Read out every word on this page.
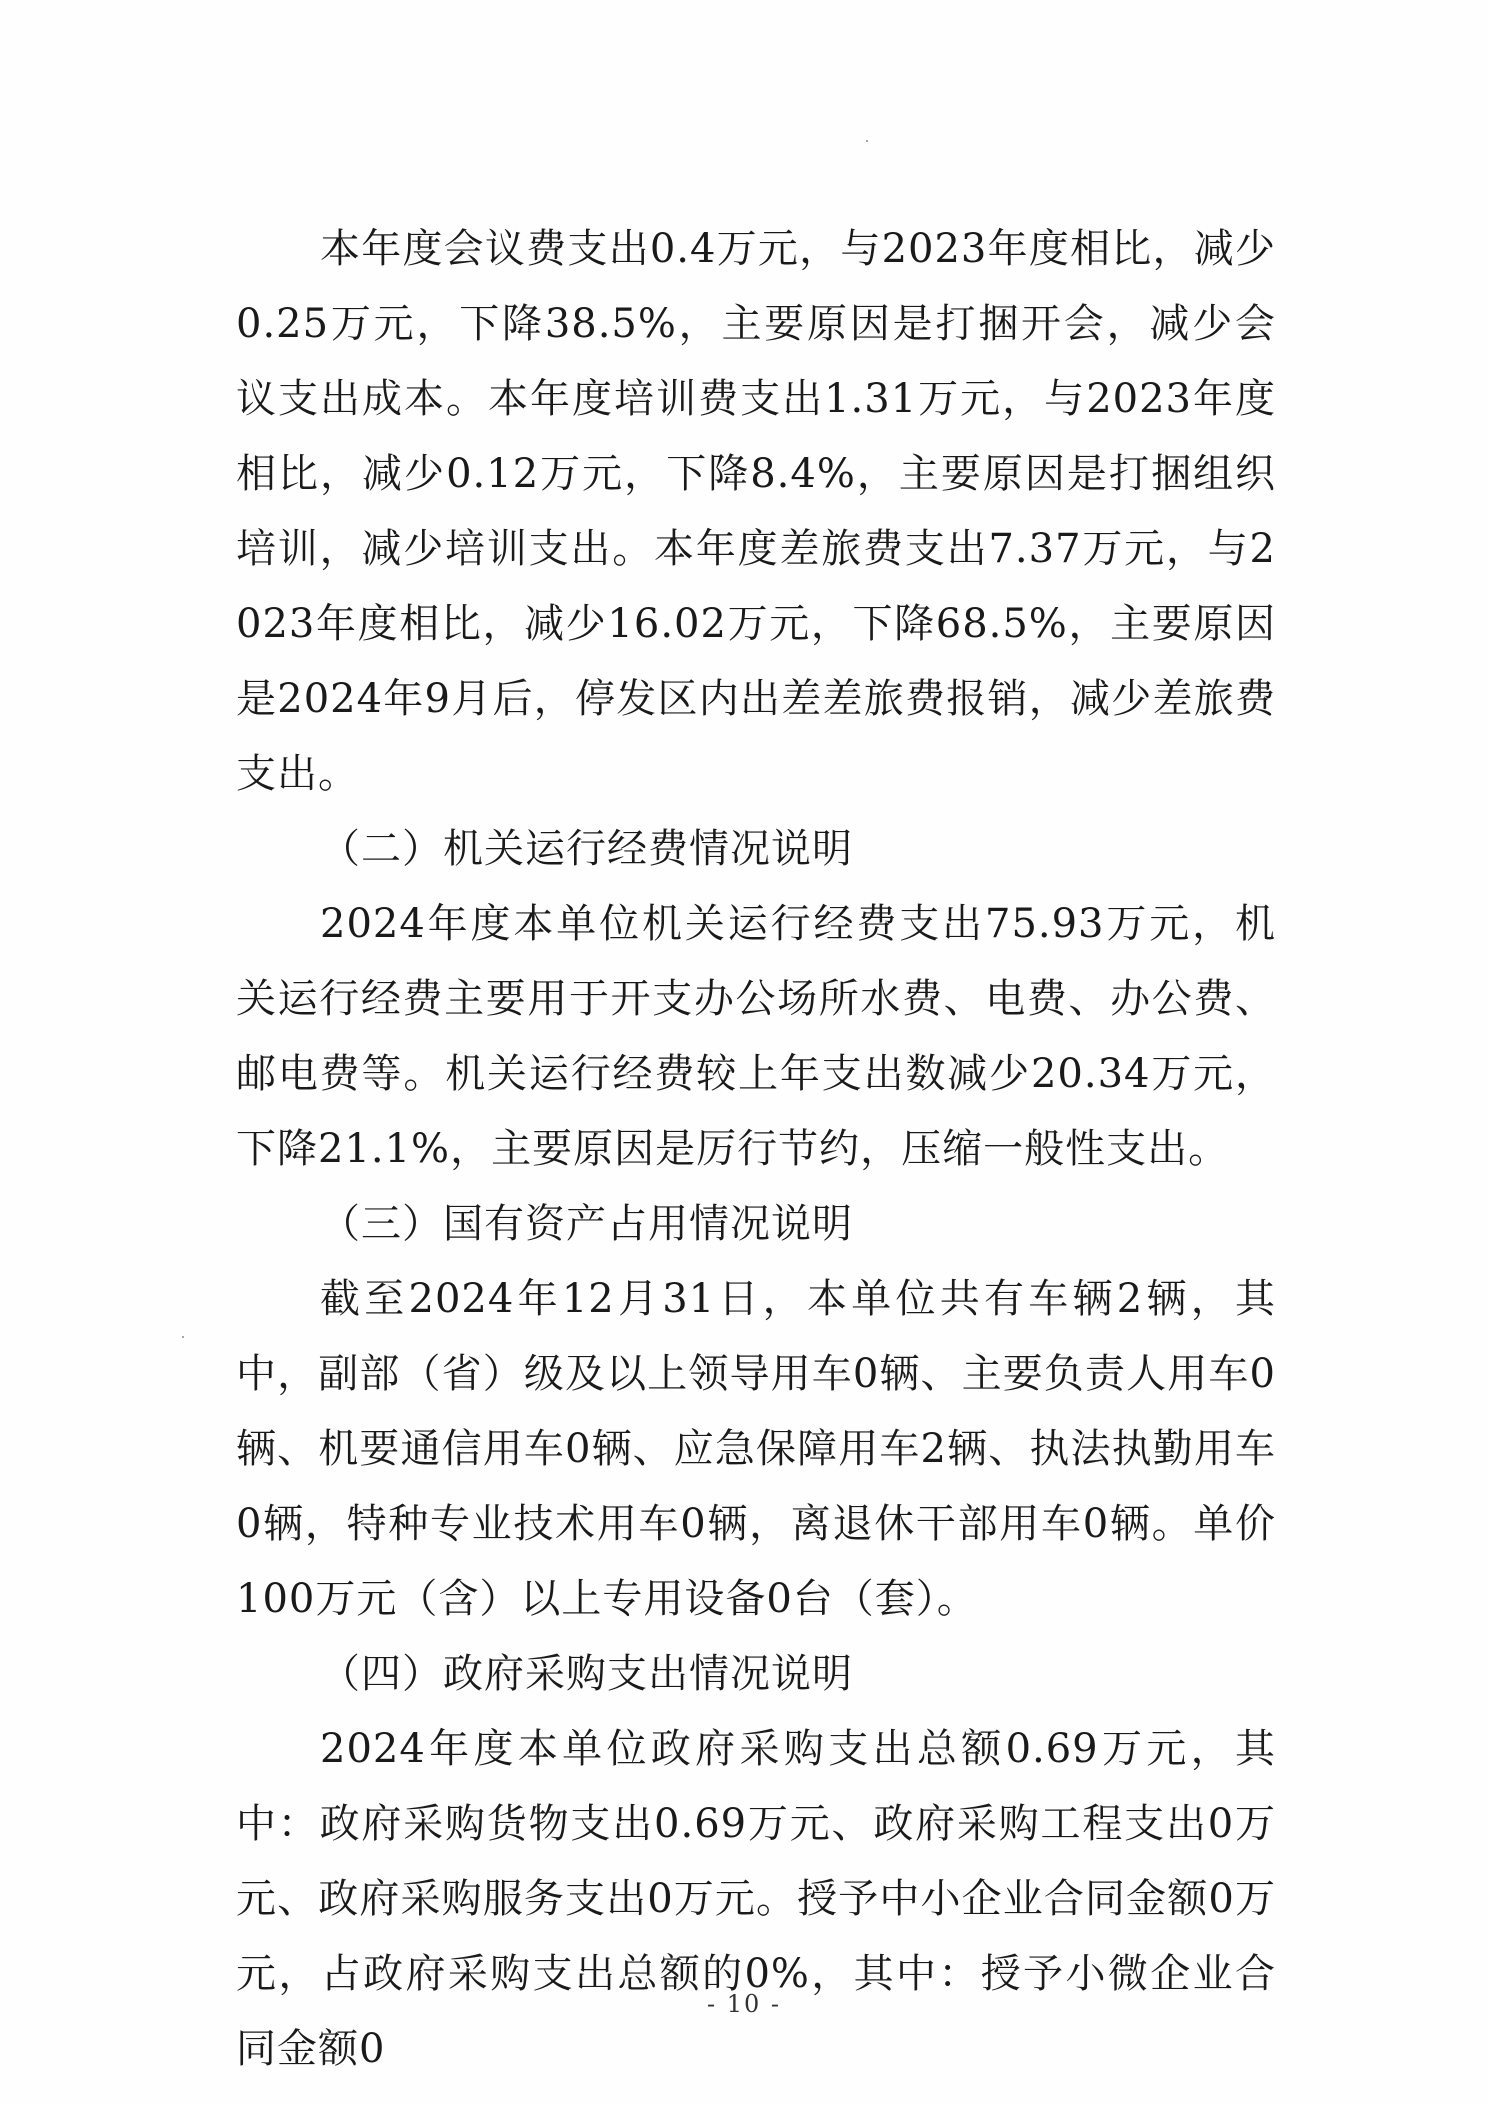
本年度会议费支出0.4万元，与2023年度相比，减少0.25万元，下降38.5%，主要原因是打捆开会，减少会议支出成本。本年度培训费支出1.31万元，与2023年度相比，减少0.12万元，下降8.4%，主要原因是打捆组织培训，减少培训支出。本年度差旅费支出7.37万元，与2023年度相比，减少16.02万元，下降68.5%，主要原因是2024年9月后，停发区内出差差旅费报销，减少差旅费支出。

（二）机关运行经费情况说明

2024年度本单位机关运行经费支出75.93万元，机关运行经费主要用于开支办公场所水费、电费、办公费、邮电费等。机关运行经费较上年支出数减少20.34万元，下降21.1%，主要原因是厉行节约，压缩一般性支出。

（三）国有资产占用情况说明

截至2024年12月31日，本单位共有车辆2辆，其中，副部（省）级及以上领导用车0辆、主要负责人用车0辆、机要通信用车0辆、应急保障用车2辆、执法执勤用车0辆，特种专业技术用车0辆，离退休干部用车0辆。单价100万元（含）以上专用设备0台（套）。

（四）政府采购支出情况说明

2024年度本单位政府采购支出总额0.69万元，其中：政府采购货物支出0.69万元、政府采购工程支出0万元、政府采购服务支出0万元。授予中小企业合同金额0万元，占政府采购支出总额的0%，其中：授予小微企业合同金额0

- 10 -
